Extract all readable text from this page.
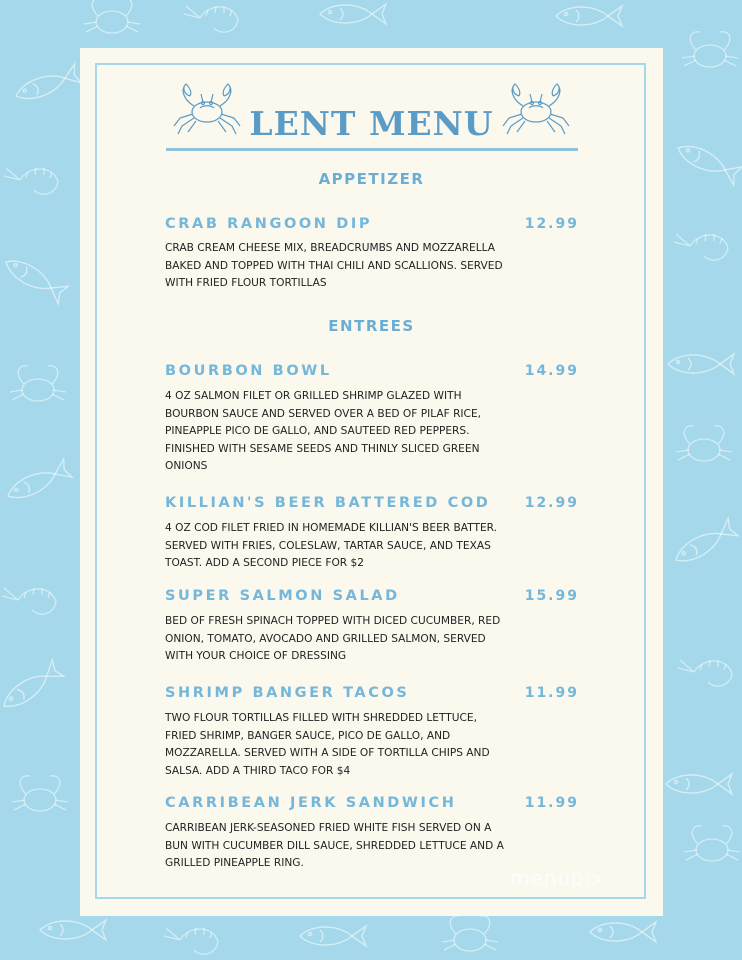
LENT MENU
APPETIZER
CRAB RANGOON DIP	12.99

CRAB CREAM CHEESE MIX, BREADCRUMBS AND MOZZARELLA BAKED AND TOPPED WITH THAI CHILI AND SCALLIONS. SERVED WITH FRIED FLOUR TORTILLAS

ENTREES
BOURBON BOWL	14.99

4 OZ SALMON FILET OR GRILLED SHRIMP GLAZED WITH BOURBON SAUCE AND SERVED OVER A BED OF PILAF RICE, PINEAPPLE PICO DE GALLO, AND SAUTEED RED PEPPERS. FINISHED WITH SESAME SEEDS AND THINLY SLICED GREEN ONIONS

KILLIAN'S BEER BATTERED COD 12.99

4 OZ COD FILET FRIED IN HOMEMADE KILLIAN'S BEER BATTER. SERVED WITH FRIES, COLESLAW, TARTAR SAUCE, AND TEXAS TOAST. ADD A SECOND PIECE FOR $2

SUPER SALMON SALAD	15.99

BED OF FRESH SPINACH TOPPED WITH DICED CUCUMBER, RED ONION, TOMATO, AVOCADO AND GRILLED SALMON, SERVED WITH YOUR CHOICE OF DRESSING

SHRIMP BANGER TACOS	11.99

TWO FLOUR TORTILLAS FILLED WITH SHREDDED LETTUCE, FRIED SHRIMP, BANGER SAUCE, PICO DE GALLO, AND MOZZARELLA. SERVED WITH A SIDE OF TORTILLA CHIPS AND SALSA. ADD A THIRD TACO FOR $4

CARRIBEAN JERK SANDWICH	11.99

CARRIBEAN JERK-SEASONED FRIED WHITE FISH SERVED ON A BUN WITH CUCUMBER DILL SAUCE, SHREDDED LETTUCE AND A GRILLED PINEAPPLE RING.

menupix
